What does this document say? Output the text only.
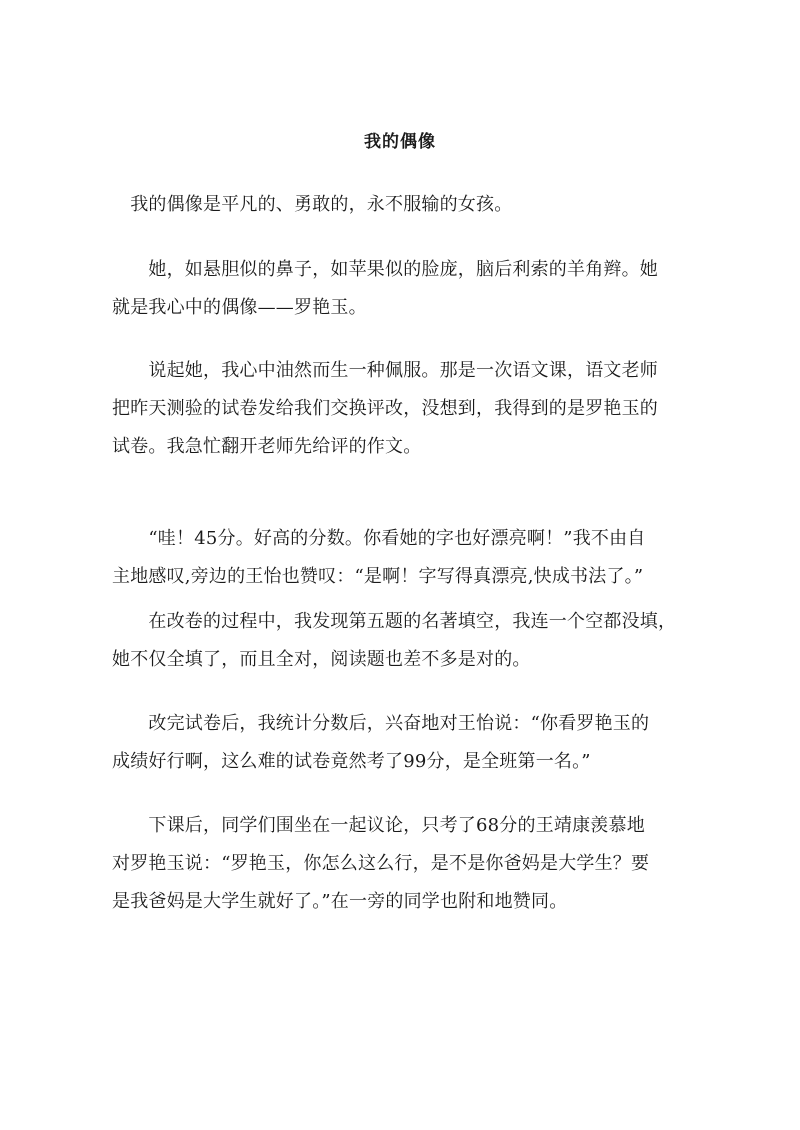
我的偶像

　我的偶像是平凡的、勇敢的，永不服输的女孩。

　　她，如悬胆似的鼻子，如苹果似的脸庞，脑后利索的羊角辫。她
就是我心中的偶像——罗艳玉。

　　说起她，我心中油然而生一种佩服。那是一次语文课，语文老师
把昨天测验的试卷发给我们交换评改，没想到，我得到的是罗艳玉的
试卷。我急忙翻开老师先给评的作文。

　　“哇！45分。好高的分数。你看她的字也好漂亮啊！”我不由自
主地感叹,旁边的王怡也赞叹：“是啊！字写得真漂亮,快成书法了。”

　　在改卷的过程中，我发现第五题的名著填空，我连一个空都没填，
她不仅全填了，而且全对，阅读题也差不多是对的。

　　改完试卷后，我统计分数后，兴奋地对王怡说：“你看罗艳玉的
成绩好行啊，这么难的试卷竟然考了99分，是全班第一名。”

　　下课后，同学们围坐在一起议论，只考了68分的王靖康羡慕地
对罗艳玉说：“罗艳玉，你怎么这么行，是不是你爸妈是大学生？要
是我爸妈是大学生就好了。”在一旁的同学也附和地赞同。
